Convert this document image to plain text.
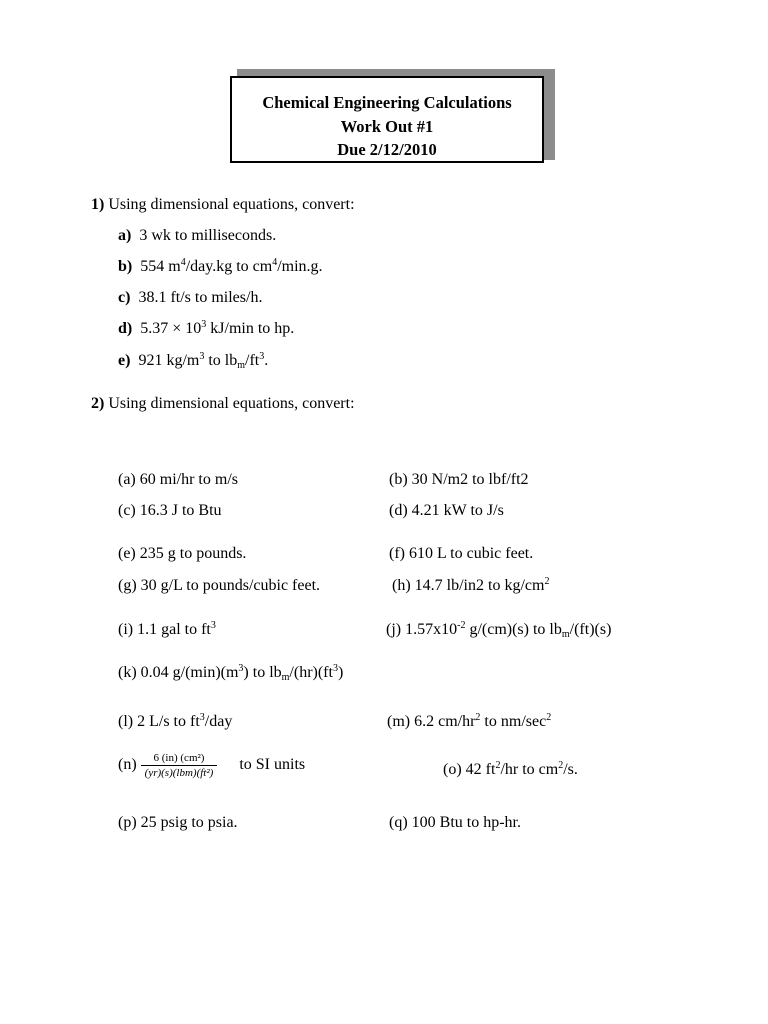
Chemical Engineering Calculations
Work Out #1
Due 2/12/2010
1) Using dimensional equations, convert:
a) 3 wk to milliseconds.
b) 554 $m^4/day.kg$ to $cm^4/\min.g$.
c) 38.1 ft/s to miles/h.
d) $5.37 \times 10^3$ kJ/min to hp.
e) 921 $kg/m^3$ to $lb_m/ft^3$.
2) Using dimensional equations, convert:
(a) 60 mi/hr to m/s	(b) 30 N/m2 to lbf/ft2
(c) 16.3 J to Btu	(d) 4.21 kW to J/s
(e) 235 g to pounds.	(f) 610 L to cubic feet.
(g) 30 g/L to pounds/cubic feet.	(h) 14.7 lb/in2 to $kg/cm^2$
(i) 1.1 gal to $ft^3$	(j) $1.57x10^{-2}$ g/(cm)(s) to $lb_m/(ft)(s)$
(k) 0.04 $g/(\min)(m^3)$ to $lb_m/(hr)(ft^3)$
(l) 2 L/s to $ft^3$/day	(m) 6.2 $cm/hr^2$ to $nm/\sec^2$
$(n) \frac{\text{6 (in) (cm²)}}{\text{(yr)(s)(lbm)(ft²)}}$ to SI units	(o) 42 $ft^2/hr$ to $cm^2/s$.
(p) 25 psig to psia.	(q) 100 Btu to hp-hr.
